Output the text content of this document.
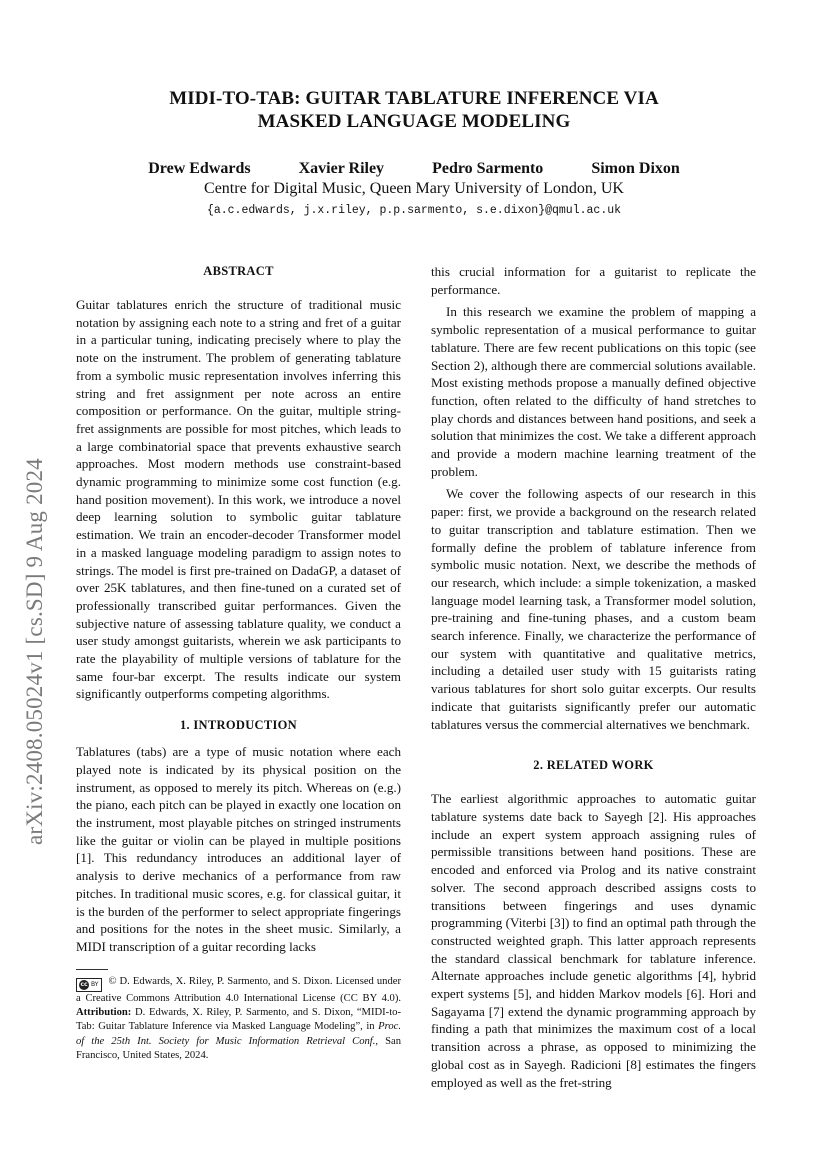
arXiv:2408.05024v1 [cs.SD] 9 Aug 2024
MIDI-TO-TAB: GUITAR TABLATURE INFERENCE VIA
MASKED LANGUAGE MODELING
Drew Edwards	Xavier Riley	Pedro Sarmento	Simon Dixon
Centre for Digital Music, Queen Mary University of London, UK
{a.c.edwards, j.x.riley, p.p.sarmento, s.e.dixon}@qmul.ac.uk
ABSTRACT

Guitar tablatures enrich the structure of traditional music notation by assigning each note to a string and fret of a guitar in a particular tuning, indicating precisely where to play the note on the instrument. The problem of generating tablature from a symbolic music representation involves inferring this string and fret assignment per note across an entire composition or performance. On the guitar, multiple string-fret assignments are possible for most pitches, which leads to a large combinatorial space that prevents exhaustive search approaches. Most modern methods use constraint-based dynamic programming to minimize some cost function (e.g. hand position movement). In this work, we introduce a novel deep learning solution to symbolic guitar tablature estimation. We train an encoder-decoder Transformer model in a masked language modeling paradigm to assign notes to strings. The model is first pre-trained on DadaGP, a dataset of over 25K tablatures, and then fine-tuned on a curated set of professionally transcribed guitar performances. Given the subjective nature of assessing tablature quality, we conduct a user study amongst guitarists, wherein we ask participants to rate the playability of multiple versions of tablature for the same four-bar excerpt. The results indicate our system significantly outperforms competing algorithms.

1. INTRODUCTION

Tablatures (tabs) are a type of music notation where each played note is indicated by its physical position on the instrument, as opposed to merely its pitch. Whereas on (e.g.) the piano, each pitch can be played in exactly one location on the instrument, most playable pitches on stringed instruments like the guitar or violin can be played in multiple positions [1]. This redundancy introduces an additional layer of analysis to derive mechanics of a performance from raw pitches. In traditional music scores, e.g. for classical guitar, it is the burden of the performer to select appropriate fingerings and positions for the notes in the sheet music. Similarly, a MIDI transcription of a guitar recording lacks

cc BY © D. Edwards, X. Riley, P. Sarmento, and S. Dixon. Licensed under a Creative Commons Attribution 4.0 International License (CC BY 4.0). Attribution: D. Edwards, X. Riley, P. Sarmento, and S. Dixon, “MIDI-to-Tab: Guitar Tablature Inference via Masked Language Modeling”, in Proc. of the 25th Int. Society for Music Information Retrieval Conf., San Francisco, United States, 2024.

this crucial information for a guitarist to replicate the performance.

In this research we examine the problem of mapping a symbolic representation of a musical performance to guitar tablature. There are few recent publications on this topic (see Section 2), although there are commercial solutions available. Most existing methods propose a manually defined objective function, often related to the difficulty of hand stretches to play chords and distances between hand positions, and seek a solution that minimizes the cost. We take a different approach and provide a modern machine learning treatment of the problem.

We cover the following aspects of our research in this paper: first, we provide a background on the research related to guitar transcription and tablature estimation. Then we formally define the problem of tablature inference from symbolic music notation. Next, we describe the methods of our research, which include: a simple tokenization, a masked language model learning task, a Transformer model solution, pre-training and fine-tuning phases, and a custom beam search inference. Finally, we characterize the performance of our system with quantitative and qualitative metrics, including a detailed user study with 15 guitarists rating various tablatures for short solo guitar excerpts. Our results indicate that guitarists significantly prefer our automatic tablatures versus the commercial alternatives we benchmark.

2. RELATED WORK

The earliest algorithmic approaches to automatic guitar tablature systems date back to Sayegh [2]. His approaches include an expert system approach assigning rules of permissible transitions between hand positions. These are encoded and enforced via Prolog and its native constraint solver. The second approach described assigns costs to transitions between fingerings and uses dynamic programming (Viterbi [3]) to find an optimal path through the constructed weighted graph. This latter approach represents the standard classical benchmark for tablature inference. Alternate approaches include genetic algorithms [4], hybrid expert systems [5], and hidden Markov models [6]. Hori and Sagayama [7] extend the dynamic programming approach by finding a path that minimizes the maximum cost of a local transition across a phrase, as opposed to minimizing the global cost as in Sayegh. Radicioni [8] estimates the fingers employed as well as the fret-string
